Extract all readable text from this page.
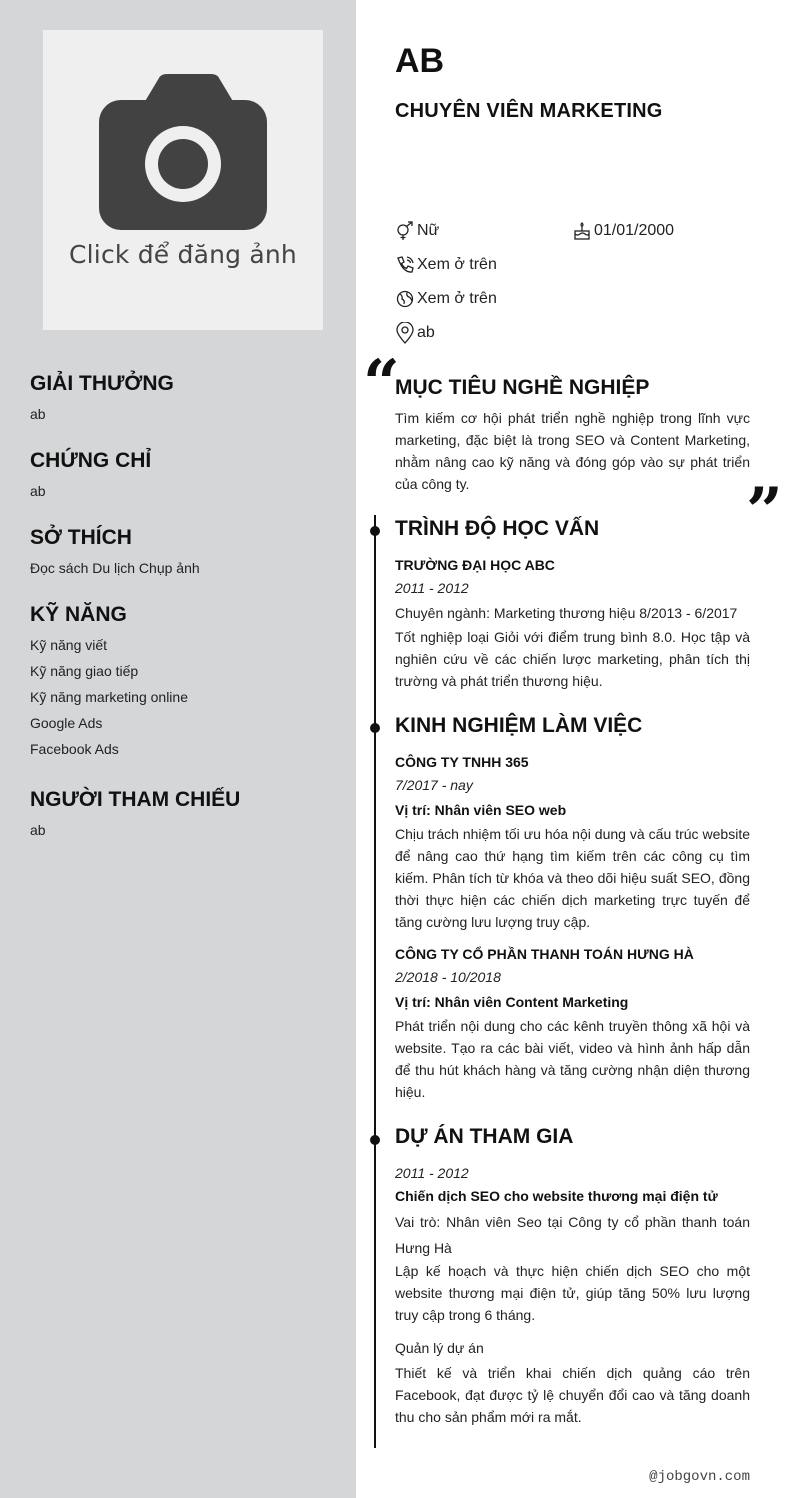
Click để đăng ảnh
GIẢI THƯỞNG
ab
CHỨNG CHỈ
ab
SỞ THÍCH
Đọc sách Du lịch Chụp ảnh
KỸ NĂNG
Kỹ năng viết
Kỹ năng giao tiếp
Kỹ năng marketing online
Google Ads
Facebook Ads
NGƯỜI THAM CHIẾU
ab
AB
CHUYÊN VIÊN MARKETING
Nữ	01/01/2000
Xem ở trên
Xem ở trên
ab
“
MỤC TIÊU NGHỀ NGHIỆP
Tìm kiếm cơ hội phát triển nghề nghiệp trong lĩnh vực marketing, đặc biệt là trong SEO và Content Marketing, nhằm nâng cao kỹ năng và đóng góp vào sự phát triển của công ty.	”
TRÌNH ĐỘ HỌC VẤN
TRƯỜNG ĐẠI HỌC ABC
2011 - 2012
Chuyên ngành: Marketing thương hiệu 8/2013 - 6/2017
Tốt nghiệp loại Giỏi với điểm trung bình 8.0. Học tập và nghiên cứu về các chiến lược marketing, phân tích thị trường và phát triển thương hiệu.
KINH NGHIỆM LÀM VIỆC
CÔNG TY TNHH 365
7/2017 - nay
Vị trí: Nhân viên SEO web
Chịu trách nhiệm tối ưu hóa nội dung và cấu trúc website để nâng cao thứ hạng tìm kiếm trên các công cụ tìm kiếm. Phân tích từ khóa và theo dõi hiệu suất SEO, đồng thời thực hiện các chiến dịch marketing trực tuyến để tăng cường lưu lượng truy cập.
CÔNG TY CỔ PHẦN THANH TOÁN HƯNG HÀ
2/2018 - 10/2018
Vị trí: Nhân viên Content Marketing
Phát triển nội dung cho các kênh truyền thông xã hội và website. Tạo ra các bài viết, video và hình ảnh hấp dẫn để thu hút khách hàng và tăng cường nhận diện thương hiệu.
DỰ ÁN THAM GIA
2011 - 2012
Chiến dịch SEO cho website thương mại điện tử
Vai trò: Nhân viên Seo tại Công ty cổ phần thanh toán Hưng Hà
Lập kế hoạch và thực hiện chiến dịch SEO cho một website thương mại điện tử, giúp tăng 50% lưu lượng truy cập trong 6 tháng.
Quản lý dự án
Thiết kế và triển khai chiến dịch quảng cáo trên Facebook, đạt được tỷ lệ chuyển đổi cao và tăng doanh thu cho sản phẩm mới ra mắt.
@jobgovn.com
